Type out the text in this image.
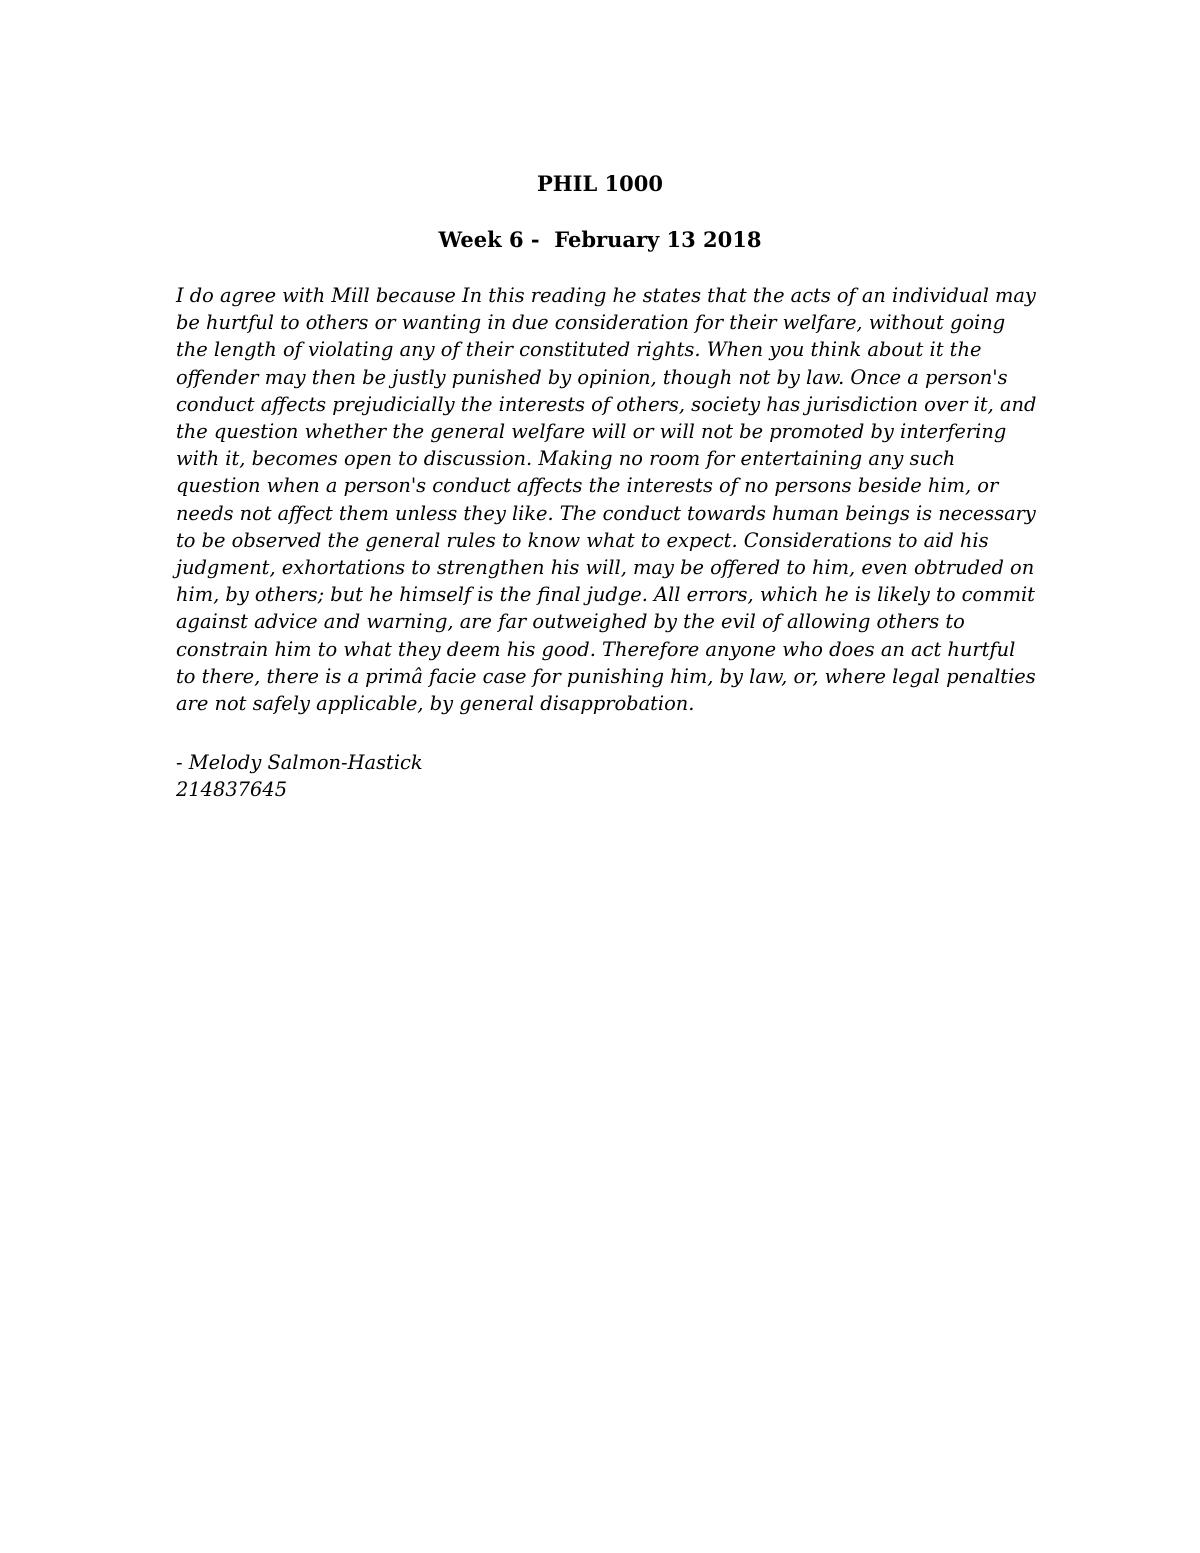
PHIL 1000
Week 6 -  February 13 2018
I do agree with Mill because In this reading he states that the acts of an individual may
be hurtful to others or wanting in due consideration for their welfare, without going
the length of violating any of their constituted rights. When you think about it the
offender may then be justly punished by opinion, though not by law. Once a person's
conduct affects prejudicially the interests of others, society has jurisdiction over it, and
the question whether the general welfare will or will not be promoted by interfering
with it, becomes open to discussion. Making no room for entertaining any such
question when a person's conduct affects the interests of no persons beside him, or
needs not affect them unless they like. The conduct towards human beings is necessary
to be observed the general rules to know what to expect. Considerations to aid his
judgment, exhortations to strengthen his will, may be offered to him, even obtruded on
him, by others; but he himself is the final judge. All errors, which he is likely to commit
against advice and warning, are far outweighed by the evil of allowing others to
constrain him to what they deem his good. Therefore anyone who does an act hurtful
to there, there is a primâ facie case for punishing him, by law, or, where legal penalties
are not safely applicable, by general disapprobation.
- Melody Salmon-Hastick
214837645
